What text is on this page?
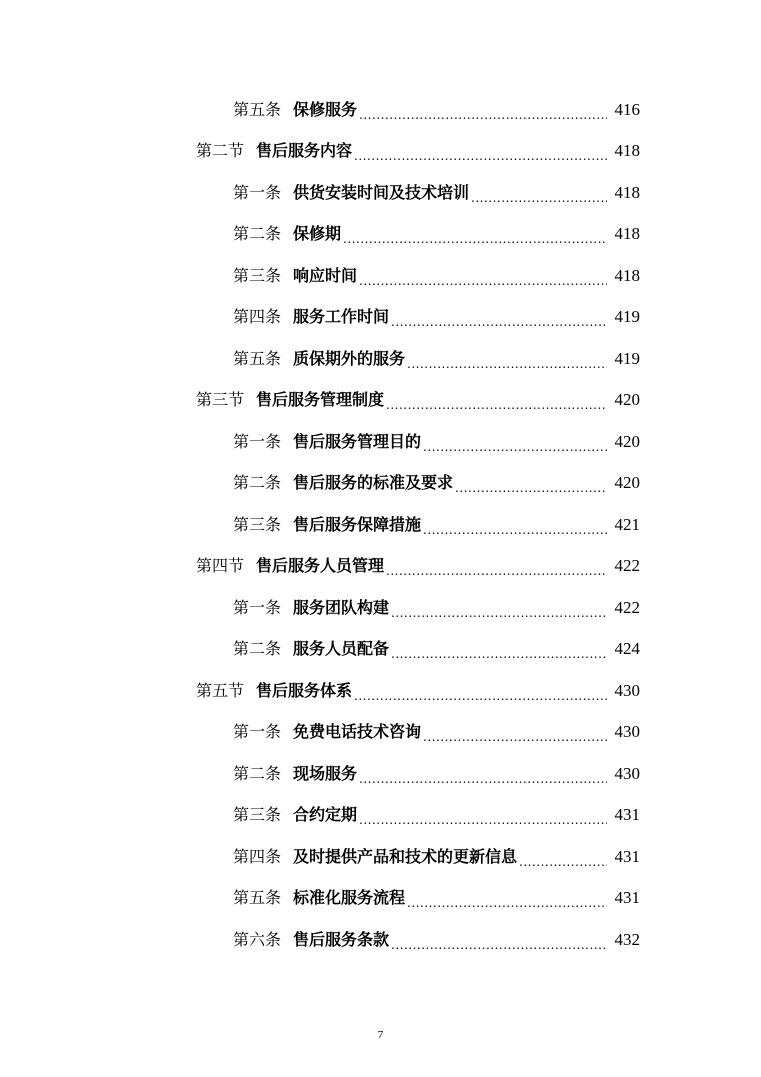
第五条 保修服务 .....	416
第二节 售后服务内容 .....	418
第一条 供货安装时间及技术培训 .....	418
第二条 保修期 .....	418
第三条 响应时间 .....	418
第四条 服务工作时间 .....	419
第五条 质保期外的服务 .....	419
第三节 售后服务管理制度 .....	420
第一条 售后服务管理目的 .....	420
第二条 售后服务的标准及要求 .....	420
第三条 售后服务保障措施 .....	421
第四节 售后服务人员管理 .....	422
第一条 服务团队构建 .....	422
第二条 服务人员配备 .....	424
第五节 售后服务体系 .....	430
第一条 免费电话技术咨询 .....	430
第二条 现场服务 .....	430
第三条 合约定期 .....	431
第四条 及时提供产品和技术的更新信息 .....	431
第五条 标准化服务流程 .....	431
第六条 售后服务条款 .....	432
7
